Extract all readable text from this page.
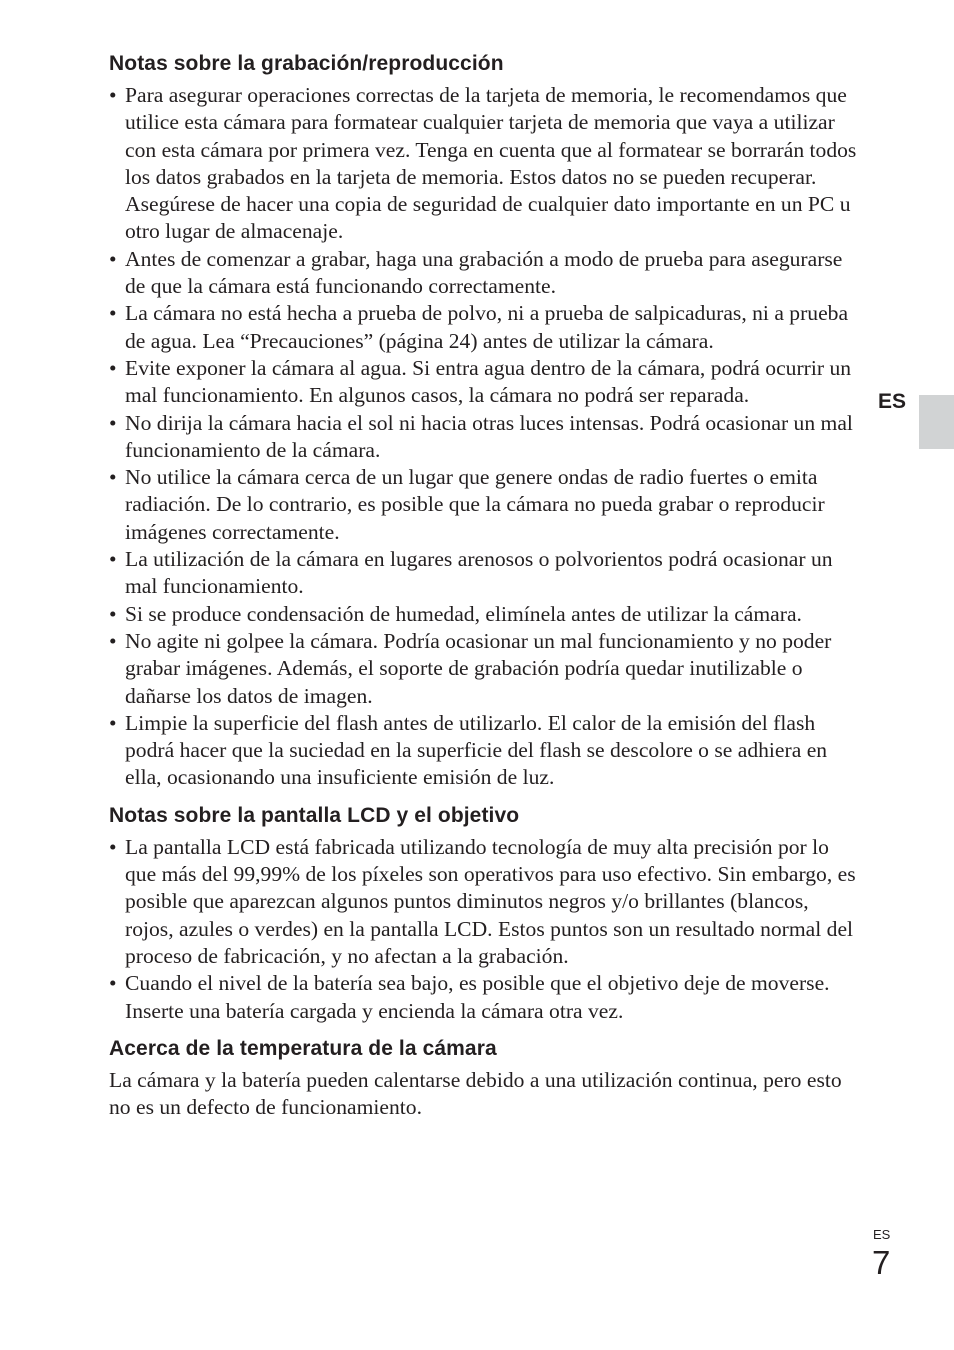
Notas sobre la grabación/reproducción
• Para asegurar operaciones correctas de la tarjeta de memoria, le recomendamos que utilice esta cámara para formatear cualquier tarjeta de memoria que vaya a utilizar con esta cámara por primera vez. Tenga en cuenta que al formatear se borrarán todos los datos grabados en la tarjeta de memoria. Estos datos no se pueden recuperar. Asegúrese de hacer una copia de seguridad de cualquier dato importante en un PC u otro lugar de almacenaje.
• Antes de comenzar a grabar, haga una grabación a modo de prueba para asegurarse de que la cámara está funcionando correctamente.
• La cámara no está hecha a prueba de polvo, ni a prueba de salpicaduras, ni a prueba de agua. Lea “Precauciones” (página 24) antes de utilizar la cámara.
• Evite exponer la cámara al agua. Si entra agua dentro de la cámara, podrá ocurrir un mal funcionamiento. En algunos casos, la cámara no podrá ser reparada.
• No dirija la cámara hacia el sol ni hacia otras luces intensas. Podrá ocasionar un mal funcionamiento de la cámara.
• No utilice la cámara cerca de un lugar que genere ondas de radio fuertes o emita radiación. De lo contrario, es posible que la cámara no pueda grabar o reproducir imágenes correctamente.
• La utilización de la cámara en lugares arenosos o polvorientos podrá ocasionar un mal funcionamiento.
• Si se produce condensación de humedad, elimínela antes de utilizar la cámara.
• No agite ni golpee la cámara. Podría ocasionar un mal funcionamiento y no poder grabar imágenes. Además, el soporte de grabación podría quedar inutilizable o dañarse los datos de imagen.
• Limpie la superficie del flash antes de utilizarlo. El calor de la emisión del flash podrá hacer que la suciedad en la superficie del flash se descolore o se adhiera en ella, ocasionando una insuficiente emisión de luz.
Notas sobre la pantalla LCD y el objetivo
• La pantalla LCD está fabricada utilizando tecnología de muy alta precisión por lo que más del 99,99% de los píxeles son operativos para uso efectivo. Sin embargo, es posible que aparezcan algunos puntos diminutos negros y/o brillantes (blancos, rojos, azules o verdes) en la pantalla LCD. Estos puntos son un resultado normal del proceso de fabricación, y no afectan a la grabación.
• Cuando el nivel de la batería sea bajo, es posible que el objetivo deje de moverse. Inserte una batería cargada y encienda la cámara otra vez.
Acerca de la temperatura de la cámara

La cámara y la batería pueden calentarse debido a una utilización continua, pero esto no es un defecto de funcionamiento.

ES
ES
7
